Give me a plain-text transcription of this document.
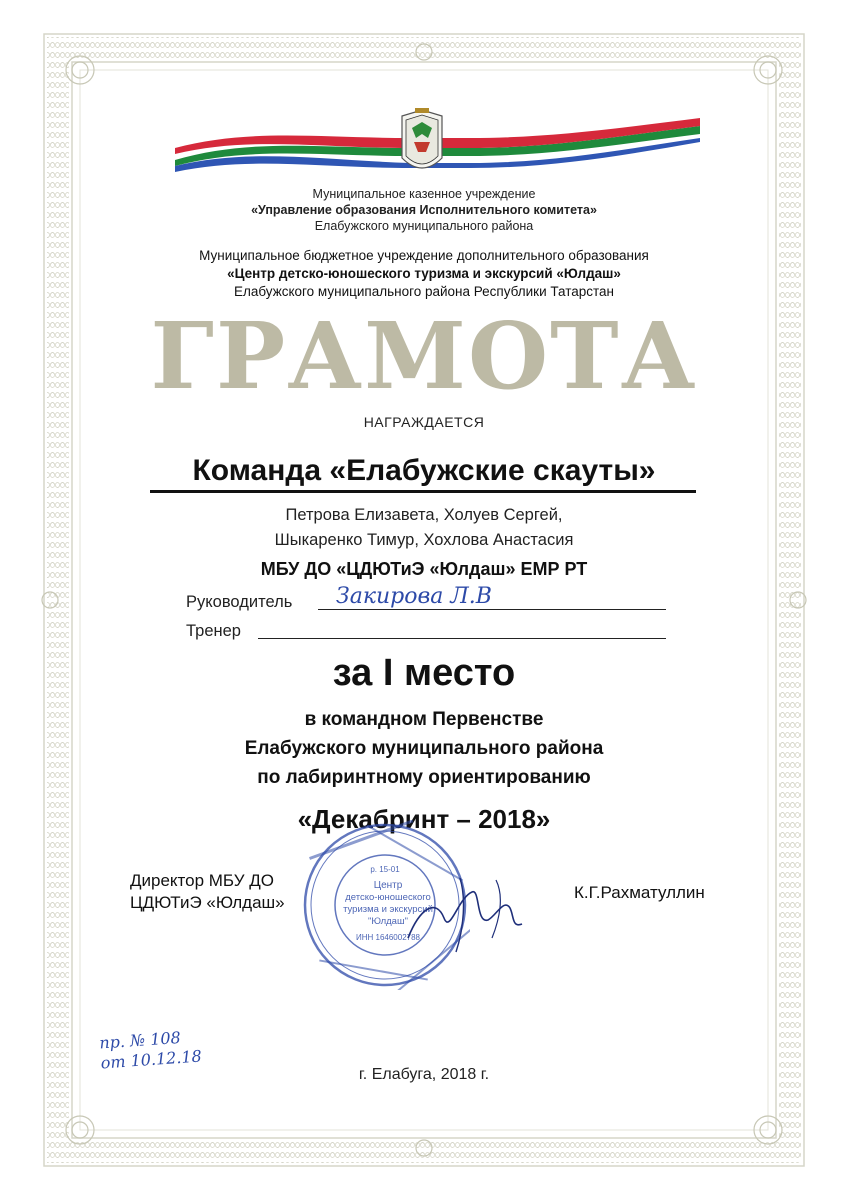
Муниципальное казенное учреждение
«Управление образования Исполнительного комитета»
Елабужского муниципального района
Муниципальное бюджетное учреждение дополнительного образования
«Центр детско-юношеского туризма и экскурсий «Юлдаш»
Елабужского муниципального района Республики Татарстан
ГРАМОТА
НАГРАЖДАЕТСЯ
Команда «Елабужские скауты»
Петрова Елизавета, Холуев Сергей,
Шыкаренко Тимур, Хохлова Анастасия
МБУ ДО «ЦДЮТиЭ «Юлдаш» ЕМР РТ
Руководитель Закирова Л.В
Тренер
за I место
в командном Первенстве
Елабужского муниципального района
по лабиринтному ориентированию
«Декабринт – 2018»
Директор МБУ ДО
ЦДЮТиЭ «Юлдаш»
К.Г.Рахматуллин
р. 15-01
Центр
детско-юношеского
туризма и экскурсий
"Юлдаш"
ИНН 1646002788
пр. № 108
от 10.12.18
г. Елабуга, 2018 г.
